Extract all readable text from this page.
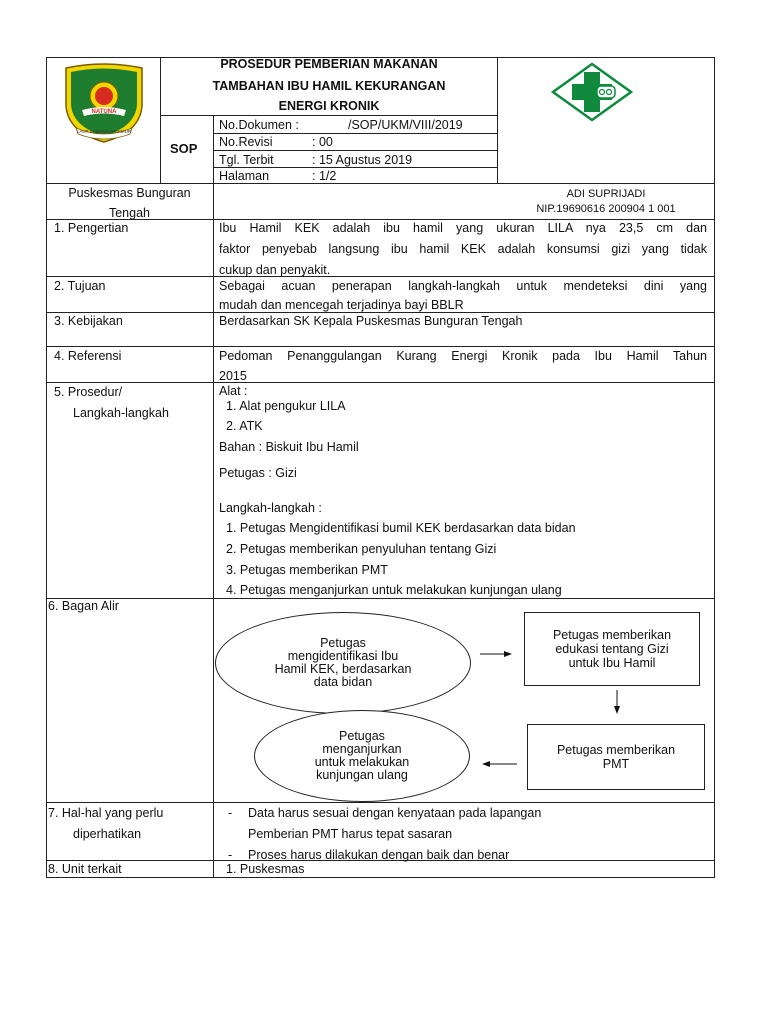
NATUNA
LAUT SEMAKIN MAKMUR
PROSEDUR PEMBERIAN MAKANAN
TAMBAHAN IBU HAMIL KEKURANGAN
ENERGI KRONIK
SOP
No.Dokumen :	/SOP/UKM/VIII/2019
No.Revisi	: 00
Tgl. Terbit	: 15 Agustus 2019
Halaman	: 1/2
Puskesmas Bunguran
Tengah
ADI SUPRIJADI
NIP.19690616 200904 1 001
1. Pengertian	Ibu Hamil KEK adalah ibu hamil yang ukuran LILA nya 23,5 cm dan
faktor penyebab langsung ibu hamil KEK adalah konsumsi gizi yang tidak
cukup dan penyakit.
2. Tujuan	Sebagai acuan penerapan langkah-langkah untuk mendeteksi dini yang
mudah dan mencegah terjadinya bayi BBLR
3. Kebijakan	Berdasarkan SK Kepala Puskesmas Bunguran Tengah
4. Referensi	Pedoman Penanggulangan Kurang Energi Kronik pada Ibu Hamil Tahun
2015
5. Prosedur/
Langkah-langkah
Alat :
1. Alat pengukur LILA
2. ATK
Bahan : Biskuit Ibu Hamil
Petugas : Gizi
Langkah-langkah :
1. Petugas Mengidentifikasi bumil KEK berdasarkan data bidan
2. Petugas memberikan penyuluhan tentang Gizi
3. Petugas memberikan PMT
4. Petugas menganjurkan untuk melakukan kunjungan ulang
6. Bagan Alir
Petugas
mengidentifikasi Ibu
Hamil KEK, berdasarkan
data bidan
Petugas memberikan
edukasi tentang Gizi
untuk Ibu Hamil
Petugas memberikan
PMT
Petugas
menganjurkan
untuk melakukan
kunjungan ulang
7. Hal-hal yang perlu
diperhatikan
- Data harus sesuai dengan kenyataan pada lapangan
Pemberian PMT harus tepat sasaran
- Proses harus dilakukan dengan baik dan benar
8. Unit terkait	1. Puskesmas
